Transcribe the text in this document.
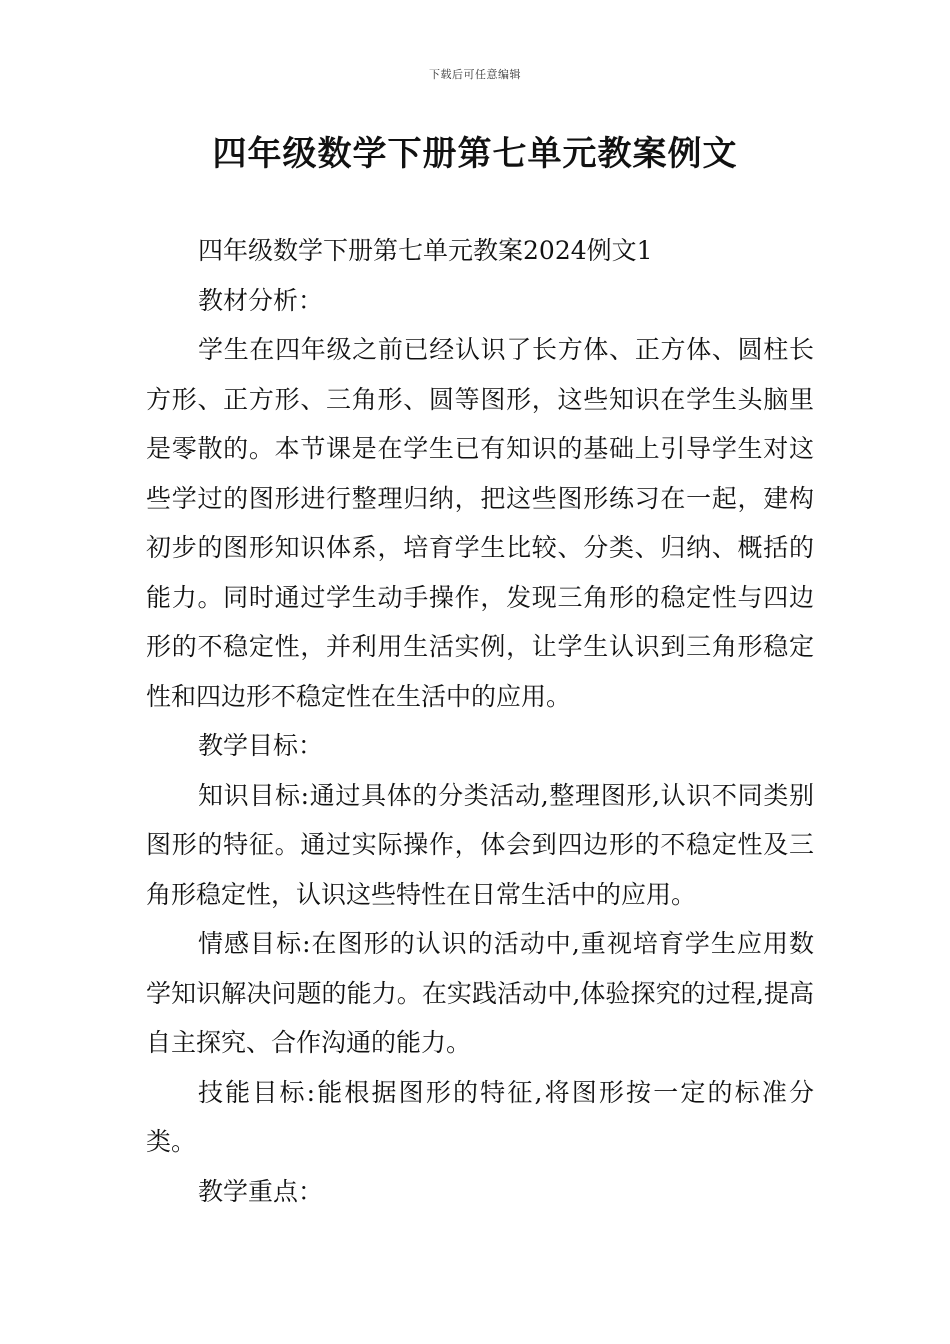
下载后可任意编辑
四年级数学下册第七单元教案例文

四年级数学下册第七单元教案2024例文1

教材分析：

学生在四年级之前已经认识了长方体、正方体、圆柱长方形、正方形、三角形、圆等图形，这些知识在学生头脑里是零散的。本节课是在学生已有知识的基础上引导学生对这些学过的图形进行整理归纳，把这些图形练习在一起，建构初步的图形知识体系，培育学生比较、分类、归纳、概括的能力。同时通过学生动手操作，发现三角形的稳定性与四边形的不稳定性，并利用生活实例，让学生认识到三角形稳定性和四边形不稳定性在生活中的应用。

教学目标：

知识目标:通过具体的分类活动,整理图形,认识不同类别图形的特征。通过实际操作，体会到四边形的不稳定性及三角形稳定性，认识这些特性在日常生活中的应用。

情感目标:在图形的认识的活动中,重视培育学生应用数学知识解决问题的能力。在实践活动中,体验探究的过程,提高自主探究、合作沟通的能力。

技能目标:能根据图形的特征,将图形按一定的标准分类。

教学重点：
